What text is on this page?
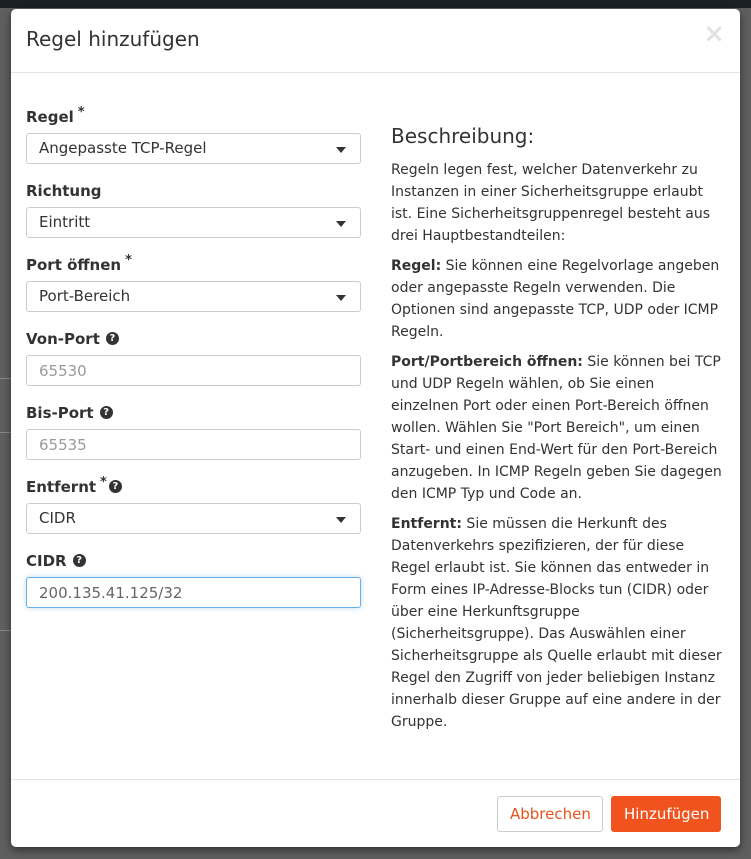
Regel hinzufügen	×
Regel *
Angepasste TCP-Regel
Richtung
Eintritt
Port öffnen *
Port-Bereich
Von-Port ?
65530
Bis-Port ?
65535
Entfernt * ?
CIDR
CIDR ?
200.135.41.125/32
Beschreibung:

Regeln legen fest, welcher Datenverkehr zu Instanzen in einer Sicherheitsgruppe erlaubt ist. Eine Sicherheitsgruppenregel besteht aus drei Hauptbestandteilen:

Regel: Sie können eine Regelvorlage angeben oder angepasste Regeln verwenden. Die Optionen sind angepasste TCP, UDP oder ICMP Regeln.

Port/Portbereich öffnen: Sie können bei TCP und UDP Regeln wählen, ob Sie einen einzelnen Port oder einen Port-Bereich öffnen wollen. Wählen Sie "Port Bereich", um einen Start- und einen End-Wert für den Port-Bereich anzugeben. In ICMP Regeln geben Sie dagegen den ICMP Typ und Code an.

Entfernt: Sie müssen die Herkunft des Datenverkehrs spezifizieren, der für diese Regel erlaubt ist. Sie können das entweder in Form eines IP-Adresse-Blocks tun (CIDR) oder über eine Herkunftsgruppe (Sicherheitsgruppe). Das Auswählen einer Sicherheitsgruppe als Quelle erlaubt mit dieser Regel den Zugriff von jeder beliebigen Instanz innerhalb dieser Gruppe auf eine andere in der Gruppe.

Abbrechen	Hinzufügen
